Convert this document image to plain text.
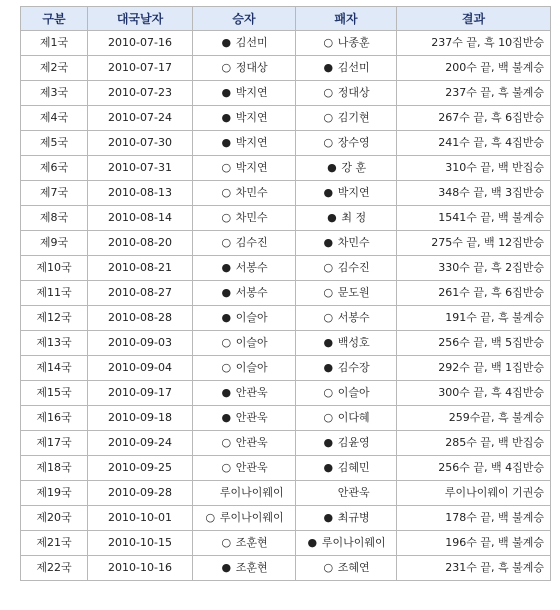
구분	대국날자	승자	패자	결과
제1국	2010-07-16	● 김선미	○ 나종훈	237수 끝, 흑 10집반승
제2국	2010-07-17	○ 정대상	● 김선미	200수 끝, 백 불계승
제3국	2010-07-23	● 박지연	○ 정대상	237수 끝, 흑 불계승
제4국	2010-07-24	● 박지연	○ 김기현	267수 끝, 흑 6집반승
제5국	2010-07-30	● 박지연	○ 장수영	241수 끝, 흑 4집반승
제6국	2010-07-31	○ 박지연	● 강 훈	310수 끝, 백 반집승
제7국	2010-08-13	○ 차민수	● 박지연	348수 끝, 백 3집반승
제8국	2010-08-14	○ 차민수	● 최 정	1541수 끝, 백 불계승
제9국	2010-08-20	○ 김수진	● 차민수	275수 끝, 백 12집반승
제10국	2010-08-21	● 서봉수	○ 김수진	330수 끝, 흑 2집반승
제11국	2010-08-27	● 서봉수	○ 문도원	261수 끝, 흑 6집반승
제12국	2010-08-28	● 이슬아	○ 서봉수	191수 끝, 흑 불계승
제13국	2010-09-03	○ 이슬아	● 백성호	256수 끝, 백 5집반승
제14국	2010-09-04	○ 이슬아	● 김수장	292수 끝, 백 1집반승
제15국	2010-09-17	● 안관욱	○ 이슬아	300수 끝, 흑 4집반승
제16국	2010-09-18	● 안관욱	○ 이다혜	259수끝, 흑 불계승
제17국	2010-09-24	○ 안관욱	● 김윤영	285수 끝, 백 반집승
제18국	2010-09-25	○ 안관욱	● 김혜민	256수 끝, 백 4집반승
제19국	2010-09-28	루이나이웨이	안관욱	루이나이웨이 기권승
제20국	2010-10-01	○ 루이나이웨이	● 최규병	178수 끝, 백 불계승
제21국	2010-10-15	○ 조훈현	● 루이나이웨이	196수 끝, 백 불계승
제22국	2010-10-16	● 조훈현	○ 조혜연	231수 끝, 흑 불계승
